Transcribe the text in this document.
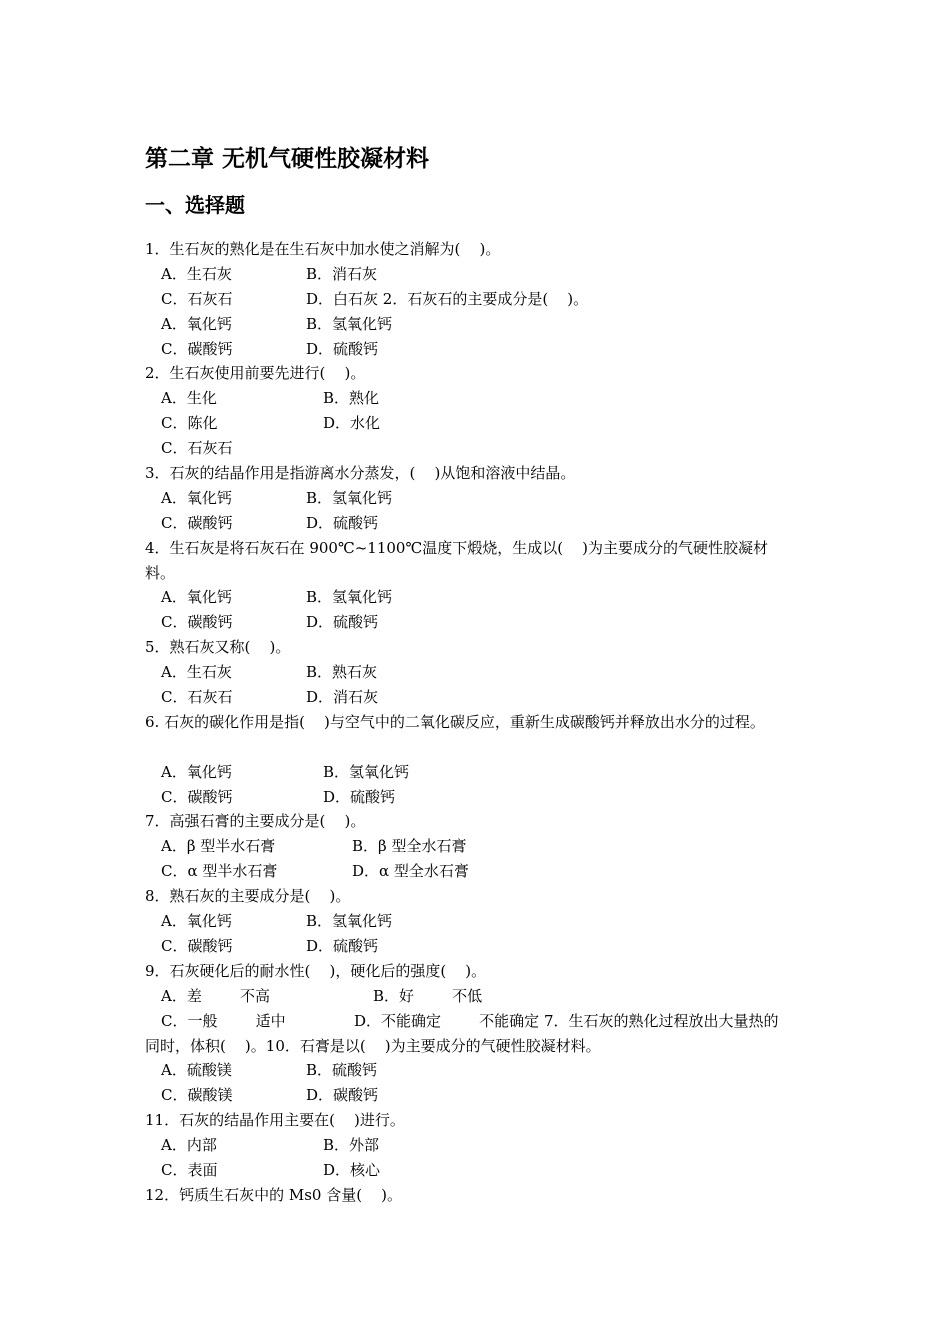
第二章 无机气硬性胶凝材料
一、选择题
1．生石灰的熟化是在生石灰中加水使之消解为(    )。
A．生石灰	B．消石灰
C．石灰石	D．白石灰 2．石灰石的主要成分是(    )。
A．氧化钙	B．氢氧化钙
C．碳酸钙	D．硫酸钙
2．生石灰使用前要先进行(    )。
A．生化	B．熟化
C．陈化	D．水化
C．石灰石
3．石灰的结晶作用是指游离水分蒸发，(    )从饱和溶液中结晶。
A．氧化钙	B．氢氧化钙
C．碳酸钙	D．硫酸钙
4．生石灰是将石灰石在 900℃~1100℃温度下煅烧，生成以(    )为主要成分的气硬性胶凝材
料。
A．氧化钙	B．氢氧化钙
C．碳酸钙	D．硫酸钙
5．熟石灰又称(    )。
A．生石灰	B．熟石灰
C．石灰石	D．消石灰
6. 石灰的碳化作用是指(    )与空气中的二氧化碳反应，重新生成碳酸钙并释放出水分的过程。
A．氧化钙	B．氢氧化钙
C．碳酸钙	D．硫酸钙
7．高强石膏的主要成分是(    )。
A．β 型半水石膏	B．β 型全水石膏
C．α 型半水石膏	D．α 型全水石膏
8．熟石灰的主要成分是(    )。
A．氧化钙	B．氢氧化钙
C．碳酸钙	D．硫酸钙
9．石灰硬化后的耐水性(    )，硬化后的强度(    )。
A．差        不高	B．好        不低
C．一般        适中	D．不能确定        不能确定 7．生石灰的熟化过程放出大量热的
同时，体积(    )。10．石膏是以(    )为主要成分的气硬性胶凝材料。
A．硫酸镁	B．硫酸钙
C．碳酸镁	D．碳酸钙
11．石灰的结晶作用主要在(    )进行。
A．内部	B．外部
C．表面	D．核心
12．钙质生石灰中的 Ms0 含量(    )。
